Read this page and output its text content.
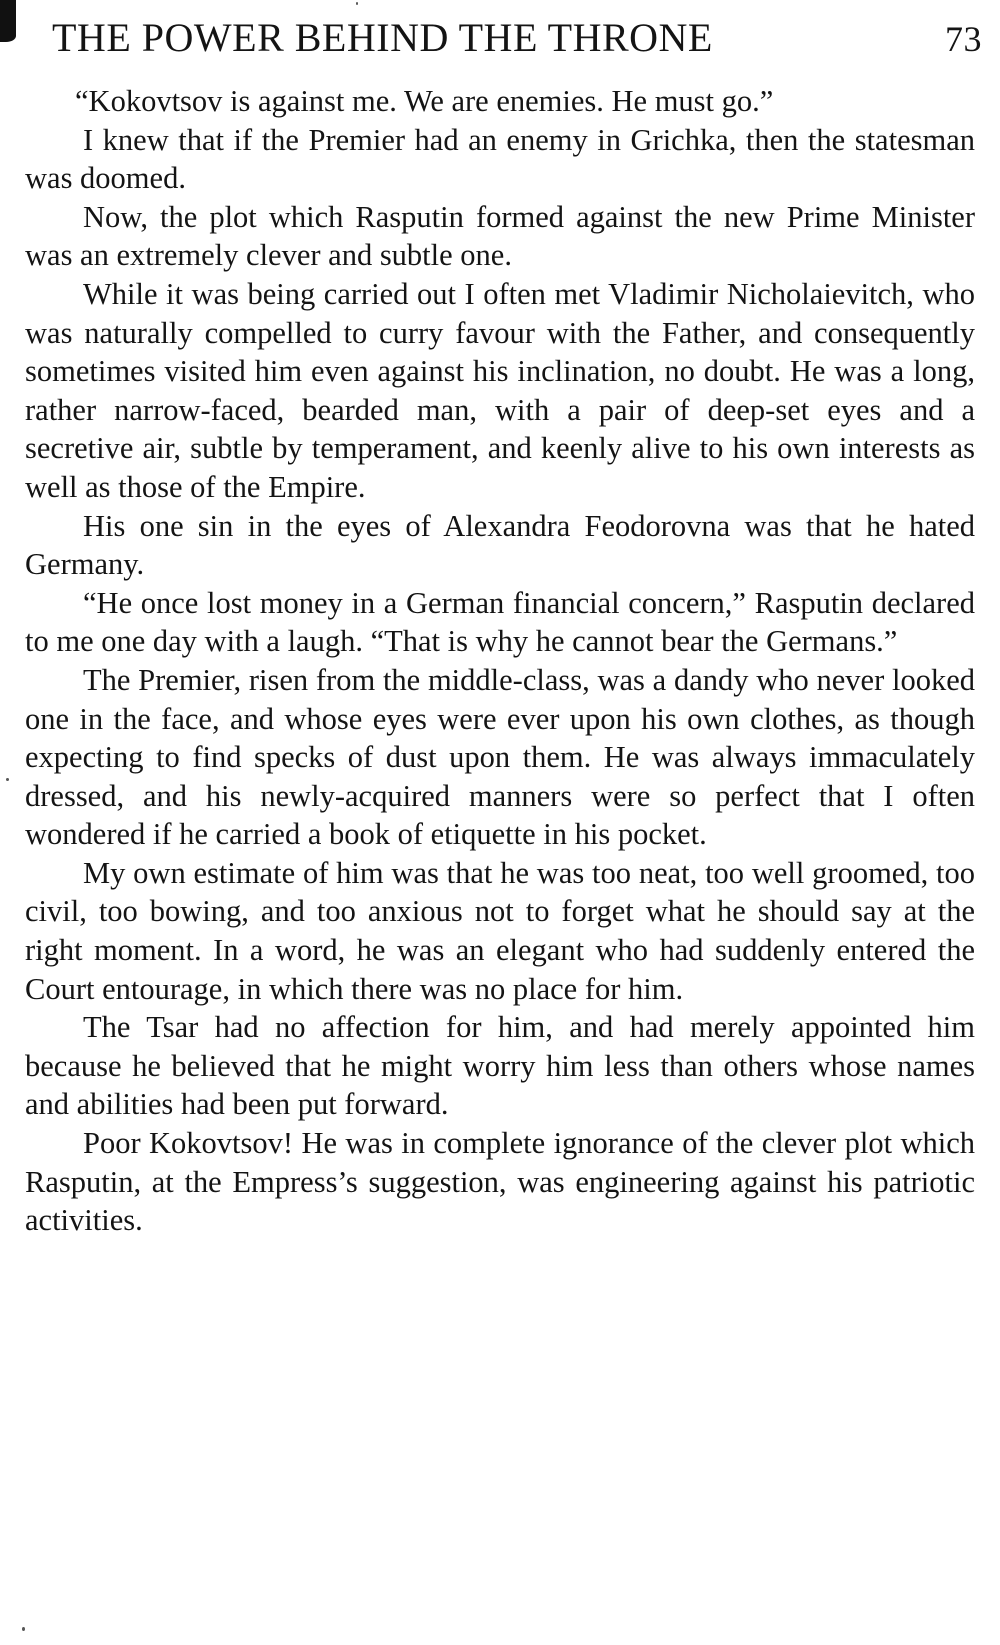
THE POWER BEHIND THE THRONE	73

“Kokovtsov is against me. We are enemies. He must go.”

I knew that if the Premier had an enemy in Grichka, then the statesman was doomed.

Now, the plot which Rasputin formed against the new Prime Minister was an extremely clever and subtle one.

While it was being carried out I often met Vladimir Nicholaievitch, who was naturally compelled to curry favour with the Father, and consequently sometimes visited him even against his inclination, no doubt. He was a long, rather narrow-faced, bearded man, with a pair of deep-set eyes and a secretive air, subtle by temperament, and keenly alive to his own interests as well as those of the Empire.

His one sin in the eyes of Alexandra Feodorovna was that he hated Germany.

“He once lost money in a German financial concern,” Rasputin declared to me one day with a laugh. “That is why he cannot bear the Germans.”

The Premier, risen from the middle-class, was a dandy who never looked one in the face, and whose eyes were ever upon his own clothes, as though expecting to find specks of dust upon them. He was always immaculately dressed, and his newly-acquired manners were so perfect that I often wondered if he carried a book of etiquette in his pocket.

My own estimate of him was that he was too neat, too well groomed, too civil, too bowing, and too anxious not to forget what he should say at the right moment. In a word, he was an elegant who had suddenly entered the Court entourage, in which there was no place for him.

The Tsar had no affection for him, and had merely appointed him because he believed that he might worry him less than others whose names and abilities had been put forward.

Poor Kokovtsov! He was in complete ignorance of the clever plot which Rasputin, at the Empress’s suggestion, was engineering against his patriotic activities.
